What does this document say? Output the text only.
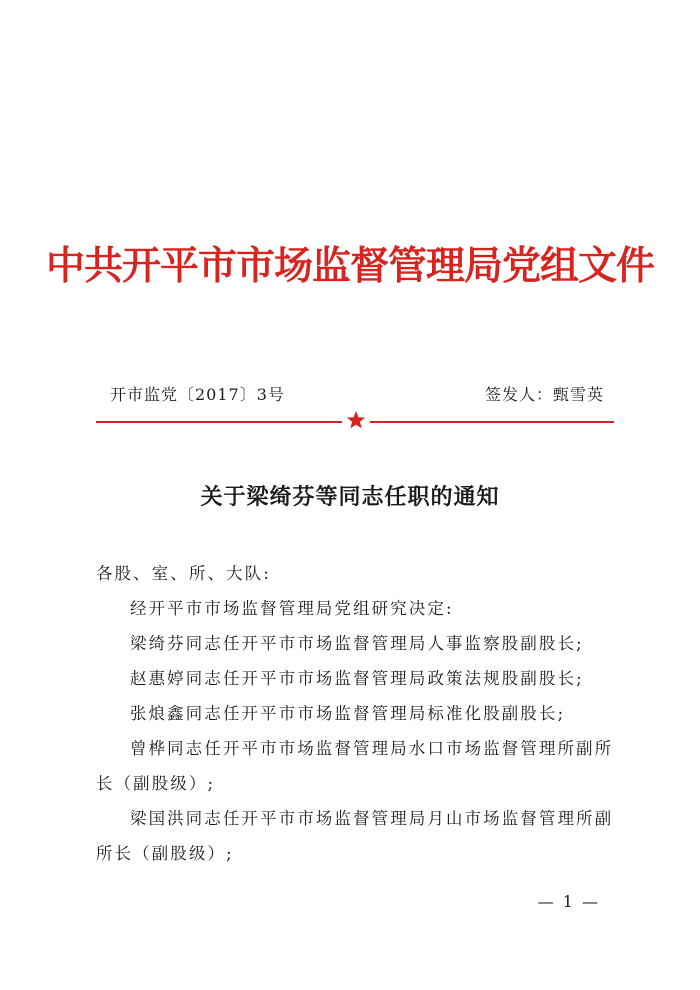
中共开平市市场监督管理局党组文件
开市监党〔2017〕3号	签发人：甄雪英
关于梁绮芬等同志任职的通知

各股、室、所、大队:

经开平市市场监督管理局党组研究决定:

梁绮芬同志任开平市市场监督管理局人事监察股副股长;

赵惠婷同志任开平市市场监督管理局政策法规股副股长;

张烺鑫同志任开平市市场监督管理局标准化股副股长;

曾桦同志任开平市市场监督管理局水口市场监督管理所副所长（副股级）;

梁国洪同志任开平市市场监督管理局月山市场监督管理所副所长（副股级）;

— 1 —
